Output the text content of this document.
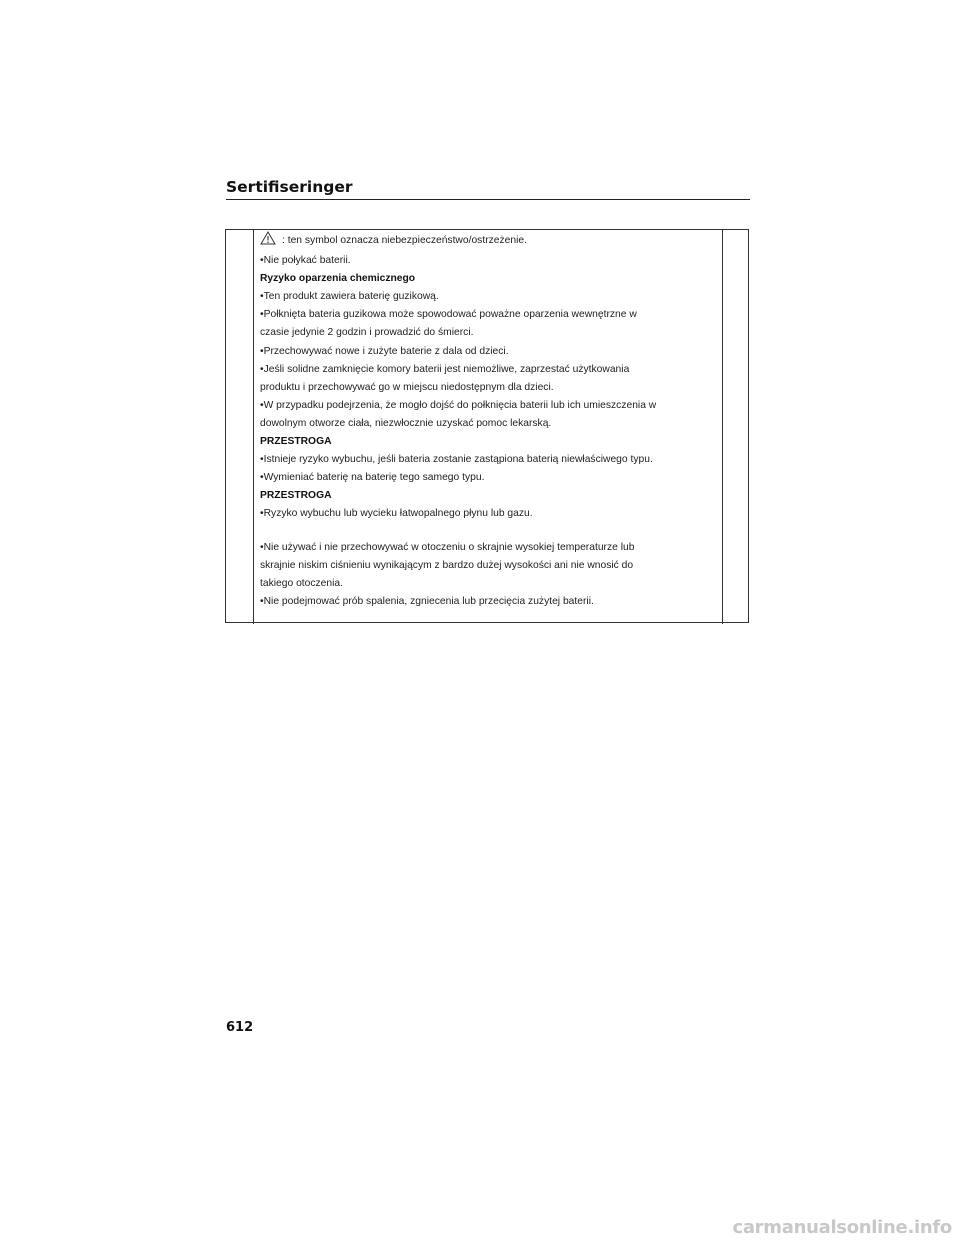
Sertifiseringer

: ten symbol oznacza niebezpieczeństwo/ostrzeżenie.

•Nie połykać baterii.

Ryzyko oparzenia chemicznego

•Ten produkt zawiera baterię guzikową.

•Połknięta bateria guzikowa może spowodować poważne oparzenia wewnętrzne w

czasie jedynie 2 godzin i prowadzić do śmierci.

•Przechowywać nowe i zużyte baterie z dala od dzieci.

•Jeśli solidne zamknięcie komory baterii jest niemożliwe, zaprzestać użytkowania

produktu i przechowywać go w miejscu niedostępnym dla dzieci.

•W przypadku podejrzenia, że mogło dojść do połknięcia baterii lub ich umieszczenia w

dowolnym otworze ciała, niezwłocznie uzyskać pomoc lekarską.

PRZESTROGA

•Istnieje ryzyko wybuchu, jeśli bateria zostanie zastąpiona baterią niewłaściwego typu.

•Wymieniać baterię na baterię tego samego typu.

PRZESTROGA

•Ryzyko wybuchu lub wycieku łatwopalnego płynu lub gazu.

•Nie używać i nie przechowywać w otoczeniu o skrajnie wysokiej temperaturze lub

skrajnie niskim ciśnieniu wynikającym z bardzo dużej wysokości ani nie wnosić do

takiego otoczenia.

•Nie podejmować prób spalenia, zgniecenia lub przecięcia zużytej baterii.

612
carmanualsonline.info
